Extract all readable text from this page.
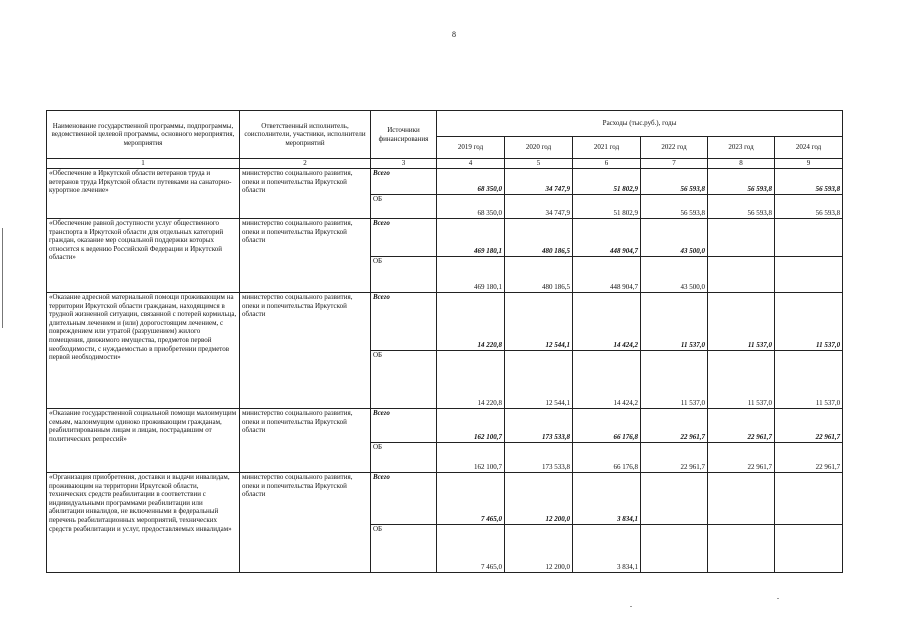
8
Наименование государственной программы, подпрограммы, ведомственной целевой программы, основного мероприятия, мероприятия	Ответственный исполнитель, соисполнители, участники, исполнители мероприятий	Источники финансирования	Расходы (тыс.руб.), годы					
			2019 год	2020 год	2021 год	2022 год	2023 год	2024 год
1	2	3	4	5	6	7	8	9
«Обеспечение в Иркутской области ветеранов труда и ветеранов труда Иркутской области путевками на санаторно-курортное лечение»	министерство социального развития, опеки и попечительства Иркутской области	Всего	68 350,0	34 747,9	51 802,9	56 593,8	56 593,8	56 593,8
		ОБ	68 350,0	34 747,9	51 802,9	56 593,8	56 593,8	56 593,8
«Обеспечение равной доступности услуг общественного транспорта в Иркутской области для отдельных категорий граждан, оказание мер социальной поддержки которых относится к ведению Российской Федерации и Иркутской области»	министерство социального развития, опеки и попечительства Иркутской области	Всего	469 180,1	480 186,5	448 904,7	43 500,0		
		ОБ	469 180,1	480 186,5	448 904,7	43 500,0		
«Оказание адресной материальной помощи проживающим на территории Иркутской области гражданам, находящимся в трудной жизненной ситуации, связанной с потерей кормильца, длительным лечением и (или) дорогостоящим лечением, с повреждением или утратой (разрушением) жилого помещения, движимого имущества, предметов первой необходимости, с нуждаемостью в приобретении предметов первой необходимости»	министерство социального развития, опеки и попечительства Иркутской области	Всего	14 220,8	12 544,1	14 424,2	11 537,0	11 537,0	11 537,0
		ОБ	14 220,8	12 544,1	14 424,2	11 537,0	11 537,0	11 537,0
«Оказание государственной социальной помощи малоимущим семьям, малоимущим одиноко проживающим гражданам, реабилитированным лицам и лицам, пострадавшим от политических репрессий»	министерство социального развития, опеки и попечительства Иркутской области	Всего	162 100,7	173 533,8	66 176,8	22 961,7	22 961,7	22 961,7
		ОБ	162 100,7	173 533,8	66 176,8	22 961,7	22 961,7	22 961,7
«Организация приобретения, доставки и выдачи инвалидам, проживающим на территории Иркутской области, технических средств реабилитации в соответствии с индивидуальными программами реабилитации или абилитации инвалидов, не включенными в федеральный перечень реабилитационных мероприятий, технических средств реабилитации и услуг, предоставляемых инвалидам»	министерство социального развития, опеки и попечительства Иркутской области	Всего	7 465,0	12 200,0	3 834,1			
		ОБ	7 465,0	12 200,0	3 834,1			
